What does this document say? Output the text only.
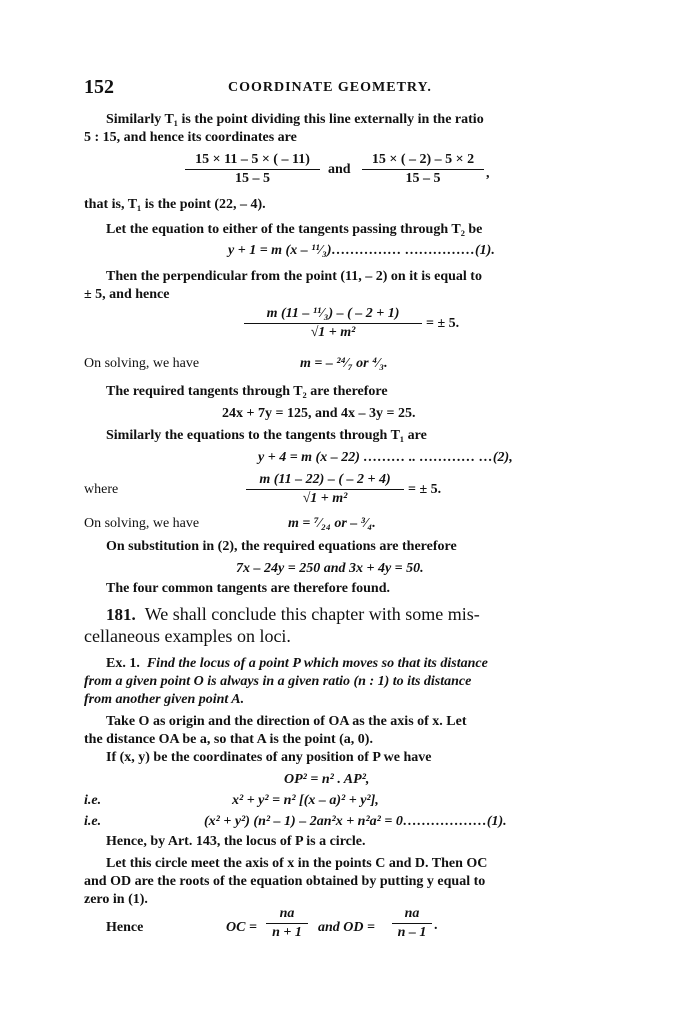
152	COORDINATE GEOMETRY.
Similarly T₁ is the point dividing this line externally in the ratio
5 : 15, and hence its coordinates are
$\frac{15 \times 11 - 5 \times ( - 11)}{15 - 5}$ and $\frac{15 \times ( - 2) - 5 \times 2}{15 - 5}$ ,
that is, T₁ is the point (22, – 4).
Let the equation to either of the tangents passing through T₂ be
y + 1 = m (x – ¹¹⁄₃)…………… ……………(1).
Then the perpendicular from the point (11, – 2) on it is equal to
± 5, and hence
$\frac{\text{m (11 – ¹¹⁄₃) – ( – 2 + 1)}}{\text{√1 + m²}}$ = ± 5.
On solving, we have	m = – ²⁴⁄₇ or ⁴⁄₃.
The required tangents through T₂ are therefore
24x + 7y = 125, and 4x – 3y = 25.
Similarly the equations to the tangents through T₁ are
y + 4 = m (x – 22) ……… .. ………… …(2),
where	$\frac{m (11 - 22) - ( - 2 + 4)}{\text{√1 + m²}}$ = ± 5.
On solving, we have	m = ⁷⁄₂₄ or – ³⁄₄.
On substitution in (2), the required equations are therefore
7x – 24y = 250 and 3x + 4y = 50.
The four common tangents are therefore found.
181. We shall conclude this chapter with some mis-
cellaneous examples on loci.
Ex. 1. Find the locus of a point P which moves so that its distance
from a given point O is always in a given ratio (n : 1) to its distance
from another given point A.
Take O as origin and the direction of OA as the axis of x. Let
the distance OA be a, so that A is the point (a, 0).
If (x, y) be the coordinates of any position of P we have
OP² = n² . AP²,
i.e.	x² + y² = n² [(x – a)² + y²],
i.e.	(x² + y²) (n² – 1) – 2an²x + n²a² = 0………………(1).
Hence, by Art. 143, the locus of P is a circle.
Let this circle meet the axis of x in the points C and D. Then OC
and OD are the roots of the equation obtained by putting y equal to
zero in (1).
Hence	OC = $\frac{na}{n + 1}$ and OD = $\frac{na}{n - 1}$ .
